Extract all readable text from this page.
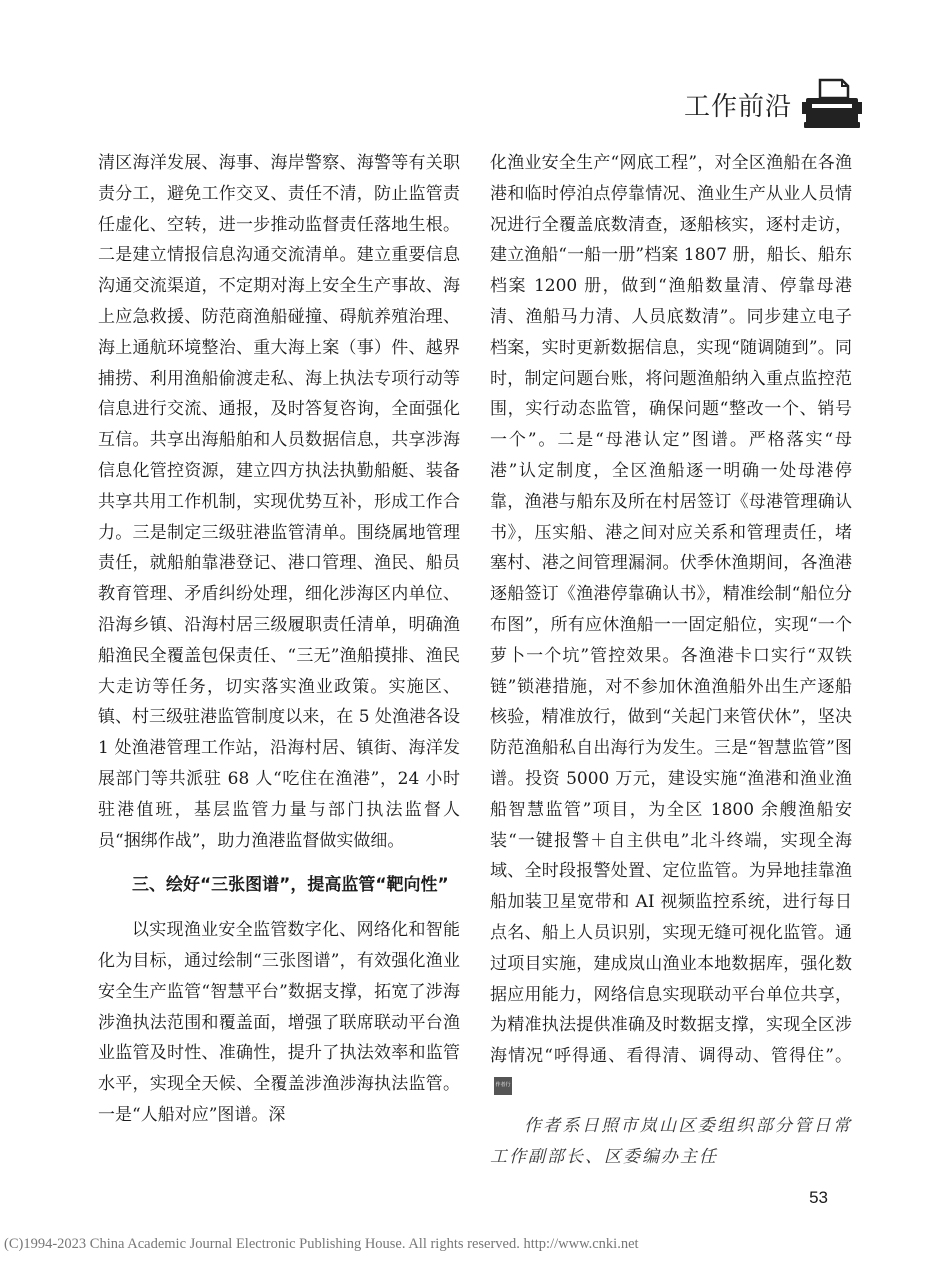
工作前沿

清区海洋发展、海事、海岸警察、海警等有关职责分工，避免工作交叉、责任不清，防止监管责任虚化、空转，进一步推动监督责任落地生根。二是建立情报信息沟通交流清单。建立重要信息沟通交流渠道，不定期对海上安全生产事故、海上应急救援、防范商渔船碰撞、碍航养殖治理、海上通航环境整治、重大海上案（事）件、越界捕捞、利用渔船偷渡走私、海上执法专项行动等信息进行交流、通报，及时答复咨询，全面强化互信。共享出海船舶和人员数据信息，共享涉海信息化管控资源，建立四方执法执勤船艇、装备共享共用工作机制，实现优势互补，形成工作合力。三是制定三级驻港监管清单。围绕属地管理责任，就船舶靠港登记、港口管理、渔民、船员教育管理、矛盾纠纷处理，细化涉海区内单位、沿海乡镇、沿海村居三级履职责任清单，明确渔船渔民全覆盖包保责任、“三无”渔船摸排、渔民大走访等任务，切实落实渔业政策。实施区、镇、村三级驻港监管制度以来，在 5 处渔港各设 1 处渔港管理工作站，沿海村居、镇街、海洋发展部门等共派驻 68 人“吃住在渔港”，24 小时驻港值班，基层监管力量与部门执法监督人员“捆绑作战”，助力渔港监督做实做细。

三、绘好“三张图谱”，提高监管“靶向性”

以实现渔业安全监管数字化、网络化和智能化为目标，通过绘制“三张图谱”，有效强化渔业安全生产监管“智慧平台”数据支撑，拓宽了涉海涉渔执法范围和覆盖面，增强了联席联动平台渔业监管及时性、准确性，提升了执法效率和监管水平，实现全天候、全覆盖涉渔涉海执法监管。一是“人船对应”图谱。深

化渔业安全生产“网底工程”，对全区渔船在各渔港和临时停泊点停靠情况、渔业生产从业人员情况进行全覆盖底数清查，逐船核实，逐村走访，建立渔船“一船一册”档案 1807 册，船长、船东档案 1200 册，做到“渔船数量清、停靠母港清、渔船马力清、人员底数清”。同步建立电子档案，实时更新数据信息，实现“随调随到”。同时，制定问题台账，将问题渔船纳入重点监控范围，实行动态监管，确保问题“整改一个、销号一个”。二是“母港认定”图谱。严格落实“母港”认定制度，全区渔船逐一明确一处母港停靠，渔港与船东及所在村居签订《母港管理确认书》，压实船、港之间对应关系和管理责任，堵塞村、港之间管理漏洞。伏季休渔期间，各渔港逐船签订《渔港停靠确认书》，精准绘制“船位分布图”，所有应休渔船一一固定船位，实现“一个萝卜一个坑”管控效果。各渔港卡口实行“双铁链”锁港措施，对不参加休渔渔船外出生产逐船核验，精准放行，做到“关起门来管伏休”，坚决防范渔船私自出海行为发生。三是“智慧监管”图谱。投资 5000 万元，建设实施“渔港和渔业渔船智慧监管”项目，为全区 1800 余艘渔船安装“一键报警＋自主供电”北斗终端，实现全海域、全时段报警处置、定位监管。为异地挂靠渔船加装卫星宽带和 AI 视频监控系统，进行每日点名、船上人员识别，实现无缝可视化监管。通过项目实施，建成岚山渔业本地数据库，强化数据应用能力，网络信息实现联动平台单位共享，为精准执法提供准确及时数据支撑，实现全区涉海情况“呼得通、看得清、调得动、管得住”。
作者行

作者系日照市岚山区委组织部分管日常工作副部长、区委编办主任

53
(C)1994-2023 China Academic Journal Electronic Publishing House. All rights reserved. http://www.cnki.net
